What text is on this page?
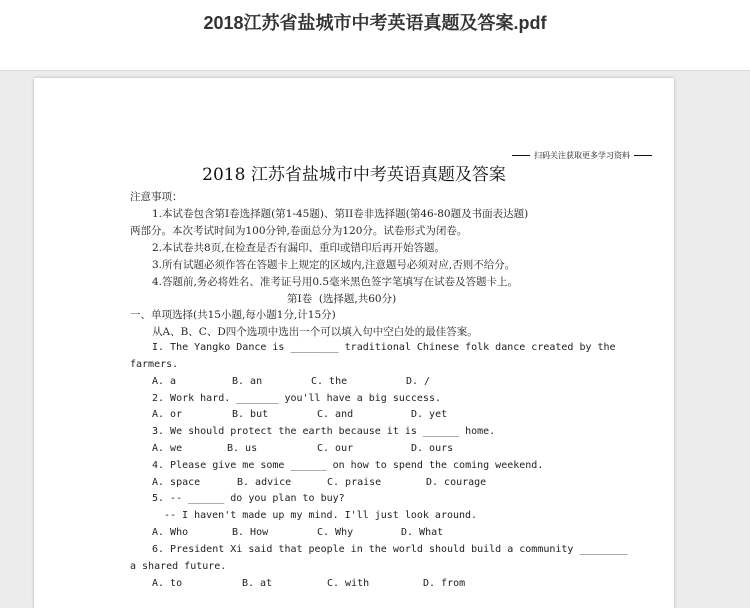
2018江苏省盐城市中考英语真题及答案.pdf
扫码关注获取更多学习资料
2018 江苏省盐城市中考英语真题及答案
注意事项：
1.本试卷包含第Ⅰ卷选择题(第1-45题)、第II卷非选择题(第46-80题及书面表达题)
两部分。本次考试时间为100分钟,卷面总分为120分。试卷形式为闭卷。
2.本试卷共8页,在检查是否有漏印、重印或错印后再开始答题。
3.所有试题必须作答在答题卡上规定的区域内,注意题号必须对应,否则不给分。
4.答题前,务必将姓名、准考证号用0.5毫米黑色签字笔填写在试卷及答题卡上。
第Ⅰ卷  (选择题,共60分)
一、单项选择(共15小题,每小题1分,计15分)
从A、B、C、D四个选项中选出一个可以填入句中空白处的最佳答案。
I. The Yangko Dance is ________ traditional Chinese folk dance created by the
farmers.
A. a	B. an	C. the	D. /
2. Work hard. _______ you'll have a big success.
A. or	B. but	C. and	D. yet
3. We should protect the earth because it is ______ home.
A. we	B. us	C. our	D. ours
4. Please give me some ______ on how to spend the coming weekend.
A. space	B. advice	C. praise	D. courage
5. -- ______ do you plan to buy?
-- I haven't made up my mind. I'll just look around.
A. Who	B. How	C. Why	D. What
6. President Xi said that people in the world should build a community ________
a shared future.
A. to	B. at	C. with	D. from
